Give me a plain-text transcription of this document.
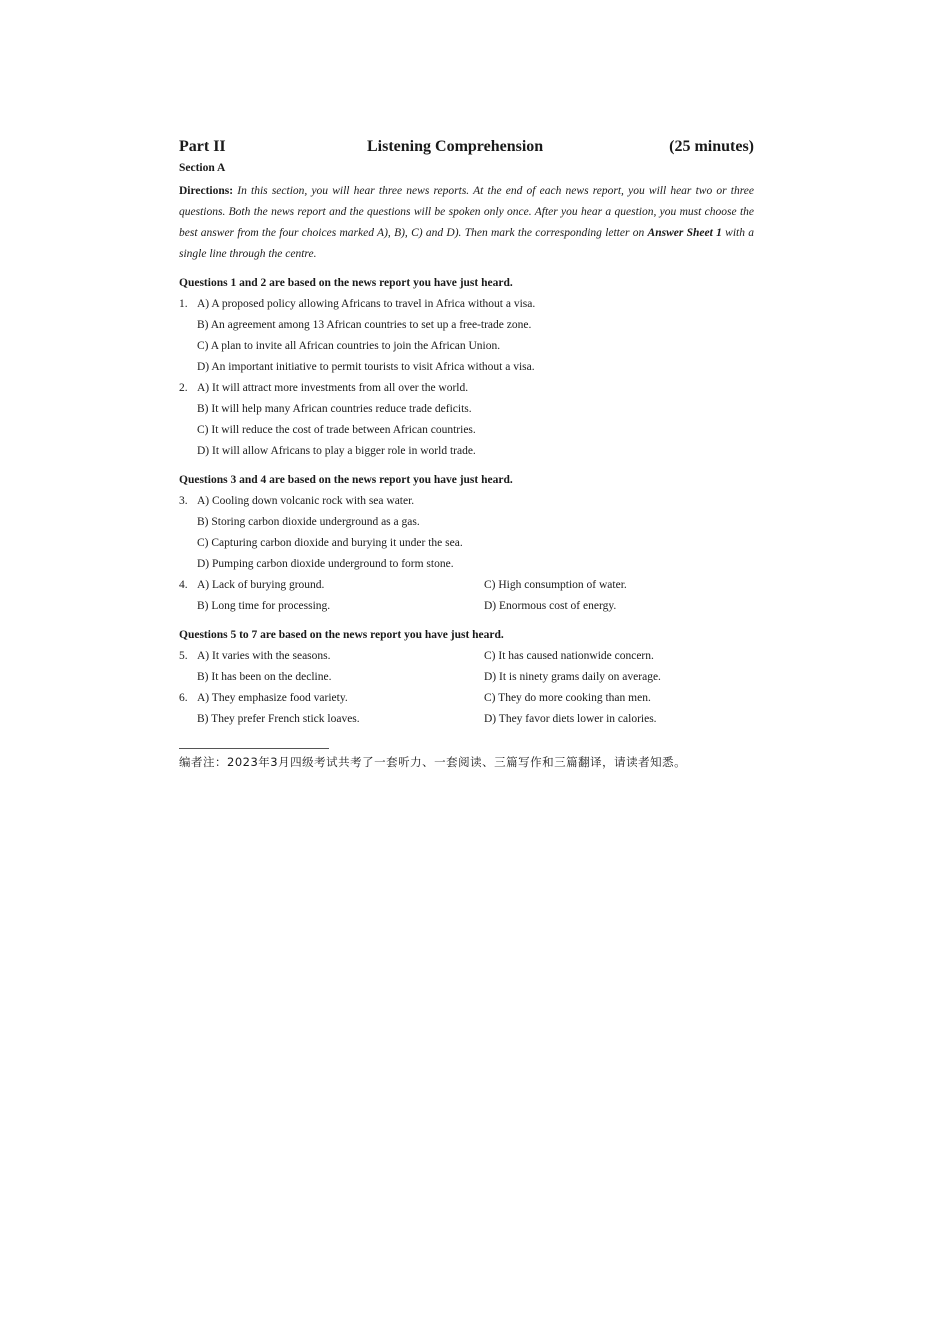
Part II	Listening Comprehension	(25 minutes)
Section A
Directions: In this section, you will hear three news reports. At the end of each news report, you will hear two or three questions. Both the news report and the questions will be spoken only once. After you hear a question, you must choose the best answer from the four choices marked A), B), C) and D). Then mark the corresponding letter on Answer Sheet 1 with a single line through the centre.
Questions 1 and 2 are based on the news report you have just heard.
1. A) A proposed policy allowing Africans to travel in Africa without a visa.
B) An agreement among 13 African countries to set up a free-trade zone.
C) A plan to invite all African countries to join the African Union.
D) An important initiative to permit tourists to visit Africa without a visa.
2. A) It will attract more investments from all over the world.
B) It will help many African countries reduce trade deficits.
C) It will reduce the cost of trade between African countries.
D) It will allow Africans to play a bigger role in world trade.
Questions 3 and 4 are based on the news report you have just heard.
3. A) Cooling down volcanic rock with sea water.
B) Storing carbon dioxide underground as a gas.
C) Capturing carbon dioxide and burying it under the sea.
D) Pumping carbon dioxide underground to form stone.
4. A) Lack of burying ground.	C) High consumption of water.
B) Long time for processing.	D) Enormous cost of energy.
Questions 5 to 7 are based on the news report you have just heard.
5. A) It varies with the seasons.	C) It has caused nationwide concern.
B) It has been on the decline.	D) It is ninety grams daily on average.
6. A) They emphasize food variety.	C) They do more cooking than men.
B) They prefer French stick loaves.	D) They favor diets lower in calories.
编者注：2023年3月四级考试共考了一套听力、一套阅读、三篇写作和三篇翻译，请读者知悉。
